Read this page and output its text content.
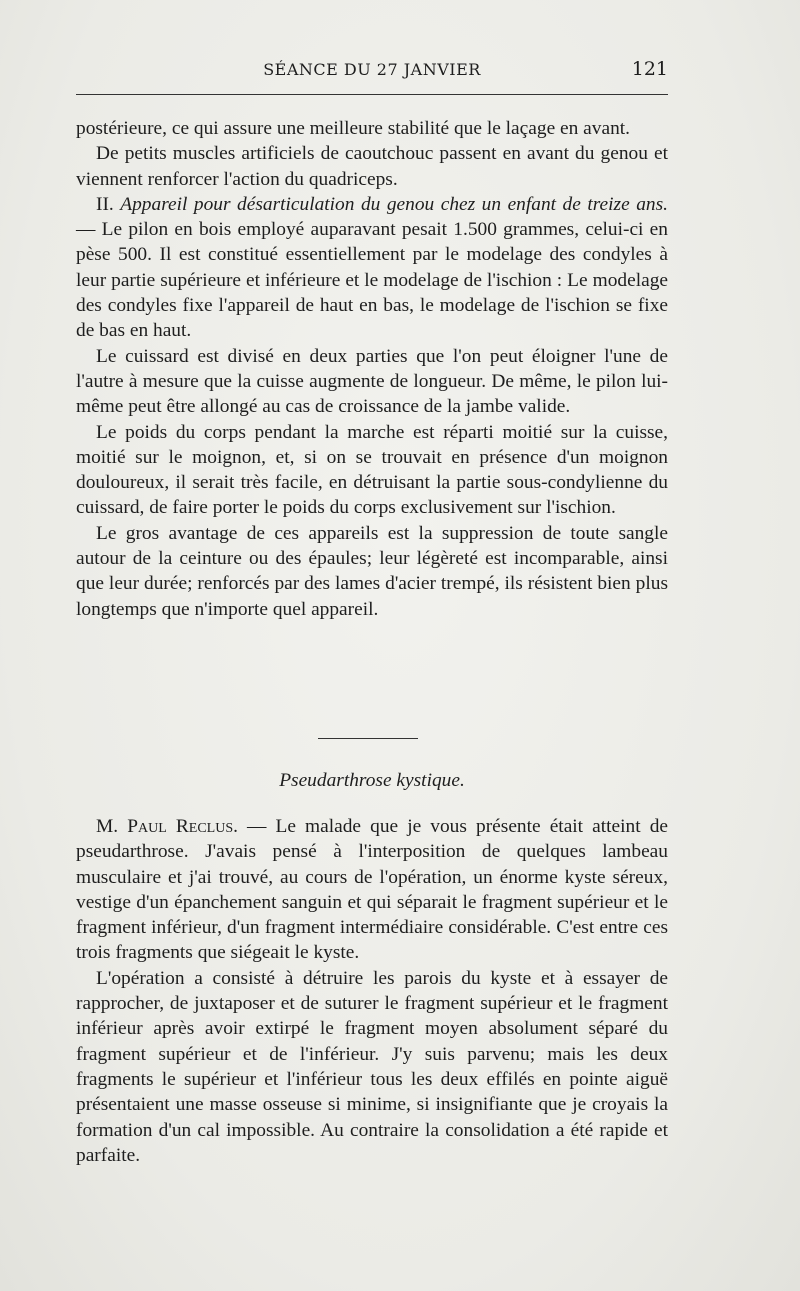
SÉANCE DU 27 JANVIER	121

postérieure, ce qui assure une meilleure stabilité que le laçage en avant.

De petits muscles artificiels de caoutchouc passent en avant du genou et viennent renforcer l'action du quadriceps.

II. Appareil pour désarticulation du genou chez un enfant de treize ans. — Le pilon en bois employé auparavant pesait 1.500 grammes, celui-ci en pèse 500. Il est constitué essentiellement par le modelage des condyles à leur partie supérieure et inférieure et le modelage de l'ischion : Le modelage des condyles fixe l'appareil de haut en bas, le modelage de l'ischion se fixe de bas en haut.

Le cuissard est divisé en deux parties que l'on peut éloigner l'une de l'autre à mesure que la cuisse augmente de longueur. De même, le pilon lui-même peut être allongé au cas de croissance de la jambe valide.

Le poids du corps pendant la marche est réparti moitié sur la cuisse, moitié sur le moignon, et, si on se trouvait en présence d'un moignon douloureux, il serait très facile, en détruisant la partie sous-condylienne du cuissard, de faire porter le poids du corps exclusivement sur l'ischion.

Le gros avantage de ces appareils est la suppression de toute sangle autour de la ceinture ou des épaules; leur légèreté est incomparable, ainsi que leur durée; renforcés par des lames d'acier trempé, ils résistent bien plus longtemps que n'importe quel appareil.

Pseudarthrose kystique.

M. Paul Reclus. — Le malade que je vous présente était atteint de pseudarthrose. J'avais pensé à l'interposition de quelques lambeau musculaire et j'ai trouvé, au cours de l'opération, un énorme kyste séreux, vestige d'un épanchement sanguin et qui séparait le fragment supérieur et le fragment inférieur, d'un fragment intermédiaire considérable. C'est entre ces trois fragments que siégeait le kyste.

L'opération a consisté à détruire les parois du kyste et à essayer de rapprocher, de juxtaposer et de suturer le fragment supérieur et le fragment inférieur après avoir extirpé le fragment moyen absolument séparé du fragment supérieur et de l'inférieur. J'y suis parvenu; mais les deux fragments le supérieur et l'inférieur tous les deux effilés en pointe aiguë présentaient une masse osseuse si minime, si insignifiante que je croyais la formation d'un cal impossible. Au contraire la consolidation a été rapide et parfaite.
